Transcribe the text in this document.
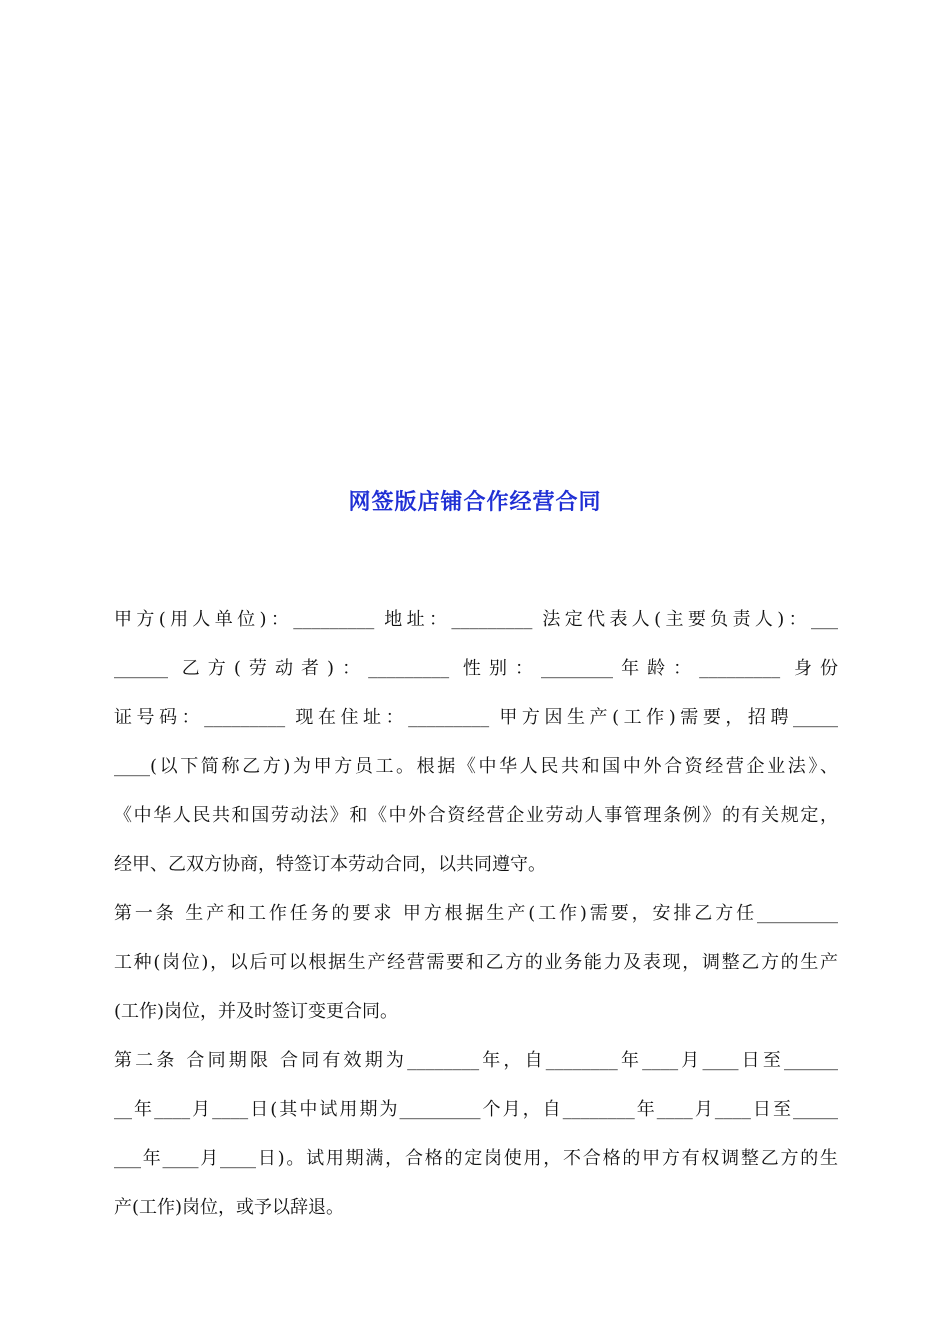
网签版店铺合作经营合同
甲方(用人单位)：_________ 地址：_________ 法定代表人(主要负责人)：___
______ 乙方(劳动者)：_________ 性别：________年龄：_________ 身份
证号码：_________ 现在住址：_________ 甲方因生产(工作)需要，招聘_____
____(以下简称乙方)为甲方员工。根据《中华人民共和国中外合资经营企业法》、
《中华人民共和国劳动法》和《中外合资经营企业劳动人事管理条例》的有关规定，
经甲、乙双方协商，特签订本劳动合同，以共同遵守。
第一条 生产和工作任务的要求 甲方根据生产(工作)需要，安排乙方任_________
工种(岗位)，以后可以根据生产经营需要和乙方的业务能力及表现，调整乙方的生产
(工作)岗位，并及时签订变更合同。
第二条 合同期限 合同有效期为________年，自________年____月____日至______
__年____月____日(其中试用期为_________个月，自________年____月____日至_____
___年____月____日)。试用期满，合格的定岗使用，不合格的甲方有权调整乙方的生
产(工作)岗位，或予以辞退。
